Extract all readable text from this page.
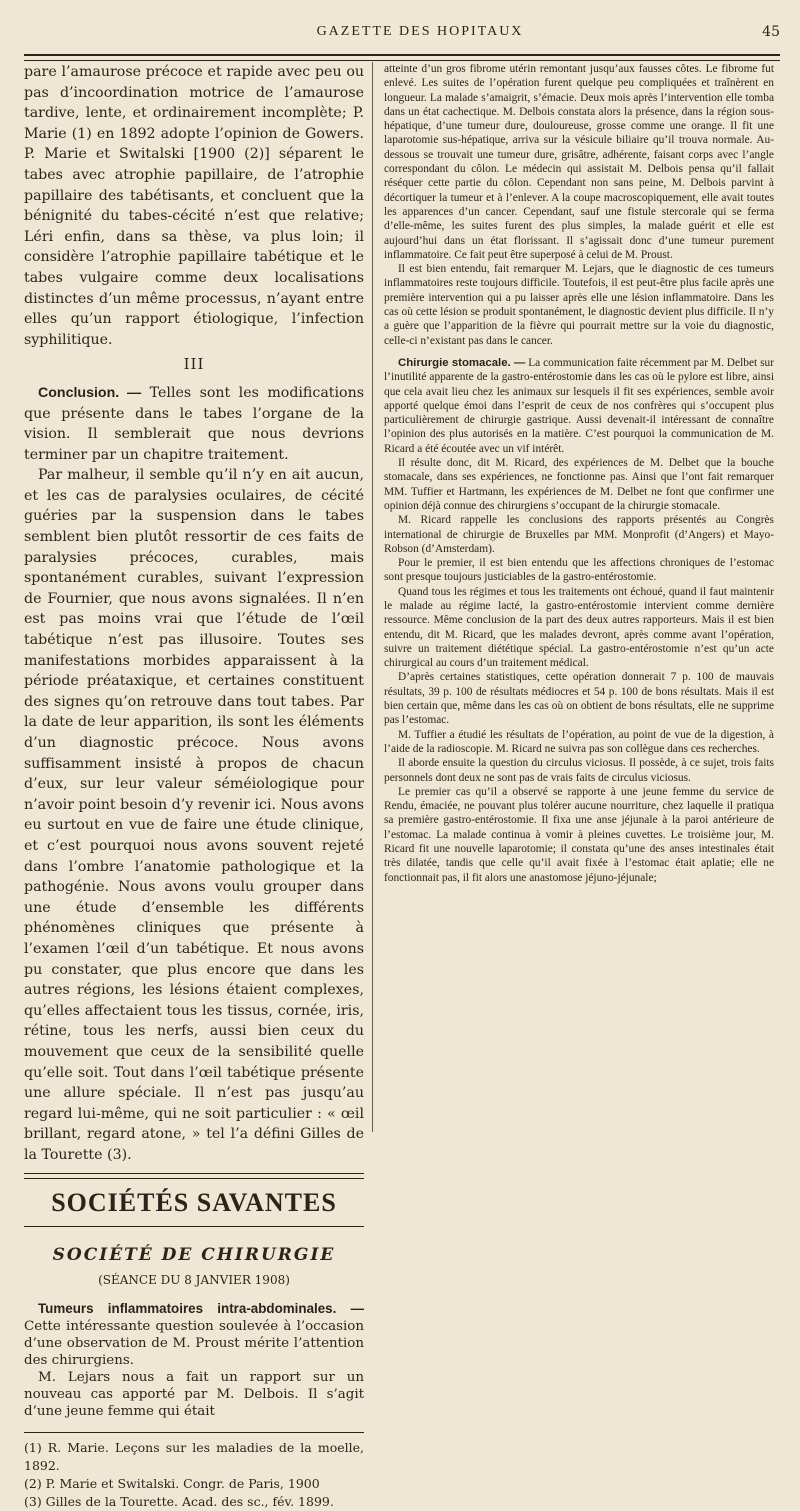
GAZETTE DES HOPITAUX	45

pare l’amaurose précoce et rapide avec peu ou pas d’incoordination motrice de l’amaurose tardive, lente, et ordinairement incomplète; P. Marie (1) en 1892 adopte l’opinion de Gowers. P. Marie et Switalski [1900 (2)] séparent le tabes avec atrophie papillaire, de l’atrophie papillaire des tabétisants, et concluent que la bénignité du tabes-cécité n’est que relative; Léri enfin, dans sa thèse, va plus loin; il considère l’atrophie papillaire tabétique et le tabes vulgaire comme deux localisations distinctes d’un même processus, n’ayant entre elles qu’un rapport étiologique, l’infection syphilitique.

III

Conclusion. — Telles sont les modifications que présente dans le tabes l’organe de la vision. Il semblerait que nous devrions terminer par un chapitre traitement.

Par malheur, il semble qu’il n’y en ait aucun, et les cas de paralysies oculaires, de cécité guéries par la suspension dans le tabes semblent bien plutôt ressortir de ces faits de paralysies précoces, curables, mais spontanément curables, suivant l’expression de Fournier, que nous avons signalées. Il n’en est pas moins vrai que l’étude de l’œil tabétique n’est pas illusoire. Toutes ses manifestations morbides apparaissent à la période préataxique, et certaines constituent des signes qu’on retrouve dans tout tabes. Par la date de leur apparition, ils sont les éléments d’un diagnostic précoce. Nous avons suffisamment insisté à propos de chacun d’eux, sur leur valeur séméiologique pour n’avoir point besoin d’y revenir ici. Nous avons eu surtout en vue de faire une étude clinique, et c’est pourquoi nous avons souvent rejeté dans l’ombre l’anatomie pathologique et la pathogénie. Nous avons voulu grouper dans une étude d’ensemble les différents phénomènes cliniques que présente à l’examen l’œil d’un tabétique. Et nous avons pu constater, que plus encore que dans les autres régions, les lésions étaient complexes, qu’elles affectaient tous les tissus, cornée, iris, rétine, tous les nerfs, aussi bien ceux du mouvement que ceux de la sensibilité quelle qu’elle soit. Tout dans l’œil tabétique présente une allure spéciale. Il n’est pas jusqu’au regard lui-même, qui ne soit particulier : « œil brillant, regard atone, » tel l’a défini Gilles de la Tourette (3).

SOCIÉTÉS SAVANTES
SOCIÉTÉ DE CHIRURGIE
(SÉANCE DU 8 JANVIER 1908)

Tumeurs inflammatoires intra-abdominales. — Cette intéressante question soulevée à l’occasion d’une observation de M. Proust mérite l’attention des chirurgiens.

M. Lejars nous a fait un rapport sur un nouveau cas apporté par M. Delbois. Il s’agit d’une jeune femme qui était

(1) R. Marie. Leçons sur les maladies de la moelle, 1892.
(2) P. Marie et Switalski. Congr. de Paris, 1900
(3) Gilles de la Tourette. Acad. des sc., fév. 1899.

atteinte d’un gros fibrome utérin remontant jusqu’aux fausses côtes. Le fibrome fut enlevé. Les suites de l’opération furent quelque peu compliquées et traînèrent en longueur. La malade s’amaigrit, s’émacie. Deux mois après l’intervention elle tomba dans un état cachectique. M. Delbois constata alors la présence, dans la région sous-hépatique, d’une tumeur dure, douloureuse, grosse comme une orange. Il fit une laparotomie sus-hépatique, arriva sur la vésicule biliaire qu’il trouva normale. Au-dessous se trouvait une tumeur dure, grisâtre, adhérente, faisant corps avec l’angle correspondant du côlon. Le médecin qui assistait M. Delbois pensa qu’il fallait réséquer cette partie du côlon. Cependant non sans peine, M. Delbois parvint à décortiquer la tumeur et à l’enlever. A la coupe macroscopiquement, elle avait toutes les apparences d’un cancer. Cependant, sauf une fistule stercorale qui se ferma d’elle-même, les suites furent des plus simples, la malade guérit et elle est aujourd’hui dans un état florissant. Il s’agissait donc d’une tumeur purement inflammatoire. Ce fait peut être superposé à celui de M. Proust.

Il est bien entendu, fait remarquer M. Lejars, que le diagnostic de ces tumeurs inflammatoires reste toujours difficile. Toutefois, il est peut-être plus facile après une première intervention qui a pu laisser après elle une lésion inflammatoire. Dans les cas où cette lésion se produit spontanément, le diagnostic devient plus difficile. Il n’y a guère que l’apparition de la fièvre qui pourrait mettre sur la voie du diagnostic, celle-ci n’existant pas dans le cancer.

Chirurgie stomacale. — La communication faite récemment par M. Delbet sur l’inutilité apparente de la gastro-entérostomie dans les cas où le pylore est libre, ainsi que cela avait lieu chez les animaux sur lesquels il fit ses expériences, semble avoir apporté quelque émoi dans l’esprit de ceux de nos confrères qui s’occupent plus particulièrement de chirurgie gastrique. Aussi devenait-il intéressant de connaître l’opinion des plus autorisés en la matière. C’est pourquoi la communication de M. Ricard a été écoutée avec un vif intérêt.

Il résulte donc, dit M. Ricard, des expériences de M. Delbet que la bouche stomacale, dans ses expériences, ne fonctionne pas. Ainsi que l’ont fait remarquer MM. Tuffier et Hartmann, les expériences de M. Delbet ne font que confirmer une opinion déjà connue des chirurgiens s’occupant de la chirurgie stomacale.

M. Ricard rappelle les conclusions des rapports présentés au Congrès international de chirurgie de Bruxelles par MM. Monprofit (d’Angers) et Mayo-Robson (d’Amsterdam).

Pour le premier, il est bien entendu que les affections chroniques de l’estomac sont presque toujours justiciables de la gastro-entérostomie.

Quand tous les régimes et tous les traitements ont échoué, quand il faut maintenir le malade au régime lacté, la gastro-entérostomie intervient comme dernière ressource. Même conclusion de la part des deux autres rapporteurs. Mais il est bien entendu, dit M. Ricard, que les malades devront, après comme avant l’opération, suivre un traitement diététique spécial. La gastro-entérostomie n’est qu’un acte chirurgical au cours d’un traitement médical.

D’après certaines statistiques, cette opération donnerait 7 p. 100 de mauvais résultats, 39 p. 100 de résultats médiocres et 54 p. 100 de bons résultats. Mais il est bien certain que, même dans les cas où on obtient de bons résultats, elle ne supprime pas l’estomac.

M. Tuffier a étudié les résultats de l’opération, au point de vue de la digestion, à l’aide de la radioscopie. M. Ricard ne suivra pas son collègue dans ces recherches.

Il aborde ensuite la question du circulus viciosus. Il possède, à ce sujet, trois faits personnels dont deux ne sont pas de vrais faits de circulus viciosus.

Le premier cas qu’il a observé se rapporte à une jeune femme du service de Rendu, émaciée, ne pouvant plus tolérer aucune nourriture, chez laquelle il pratiqua sa première gastro-entérostomie. Il fixa une anse jéjunale à la paroi antérieure de l’estomac. La malade continua à vomir à pleines cuvettes. Le troisième jour, M. Ricard fit une nouvelle laparotomie; il constata qu’une des anses intestinales était très dilatée, tandis que celle qu’il avait fixée à l’estomac était aplatie; elle ne fonctionnait pas, il fit alors une anastomose jéjuno-jéjunale;
